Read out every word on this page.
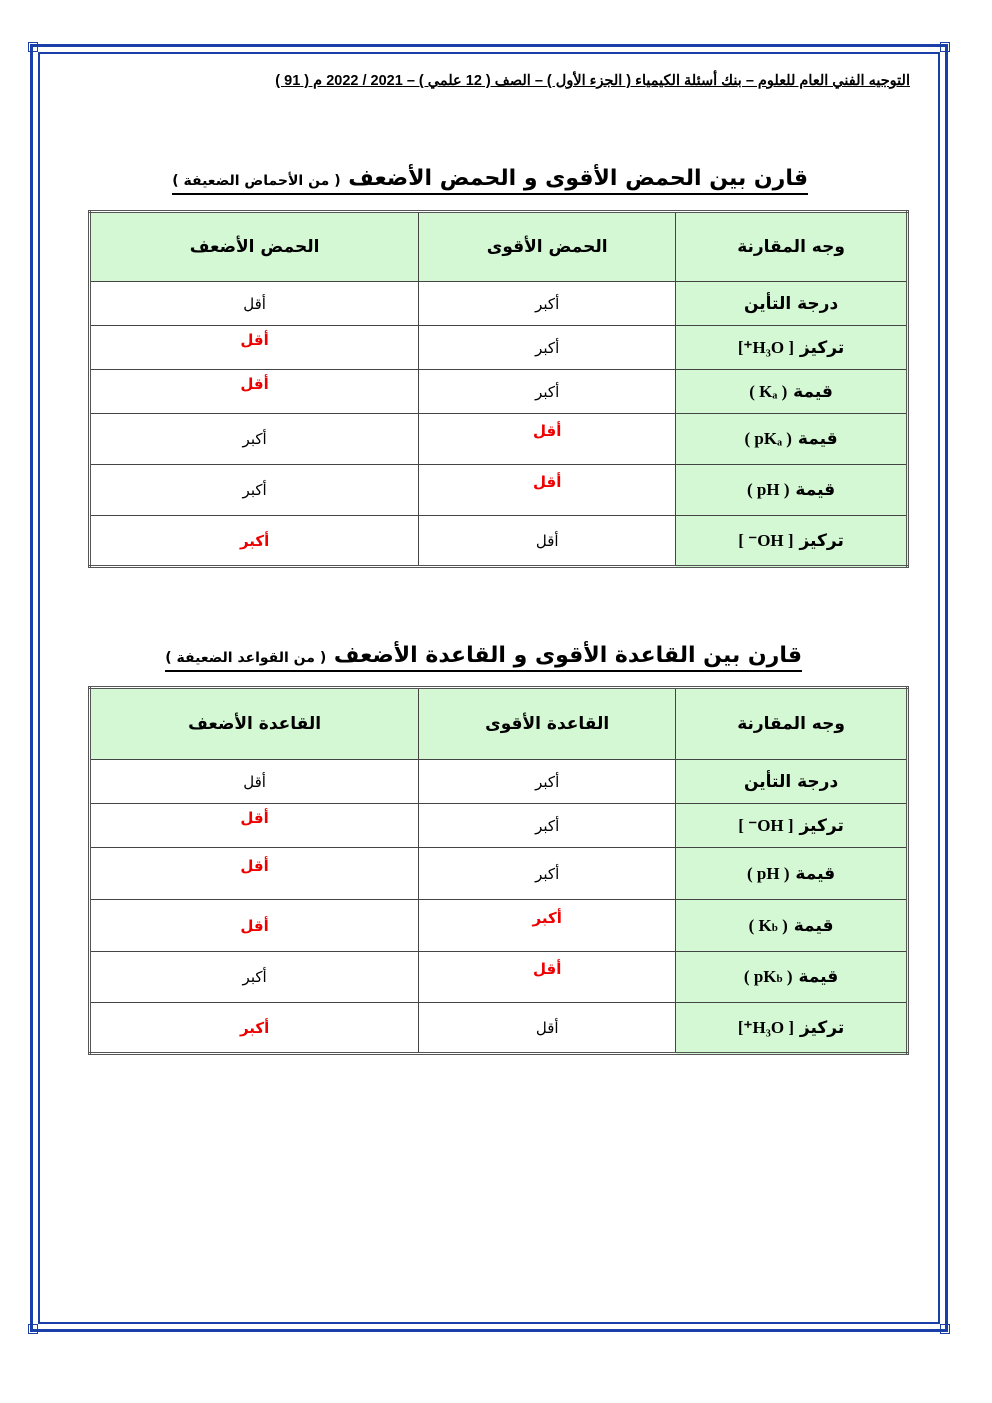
التوجيه الفني العام للعلوم – بنك أسئلة الكيمياء ( الجزء الأول ) – الصف ( 12 علمي ) – 2021 / 2022 م ( 91 )
قارن بين الحمض الأقوى و الحمض الأضعف ( من الأحماض الضعيفة )
وجه المقارنة	الحمض الأقوى	الحمض الأضعف
درجة التأين	أكبر	أقل
تركيز [ H₃O⁺]	أكبر	أقل
قيمة ( Kₐ )	أكبر	أقل
قيمة ( pKₐ )	أقل	أكبر
قيمة ( pH )	أقل	أكبر
تركيز [ OH⁻ ]	أقل	أكبر
قارن بين القاعدة الأقوى و القاعدة الأضعف ( من القواعد الضعيفة )
وجه المقارنة	القاعدة الأقوى	القاعدة الأضعف
درجة التأين	أكبر	أقل
تركيز [ OH⁻ ]	أكبر	أقل
قيمة ( pH )	أكبر	أقل
قيمة ( Kb )	أكبر	أقل
قيمة ( pKb )	أقل	أكبر
تركيز [ H₃O⁺]	أقل	أكبر
